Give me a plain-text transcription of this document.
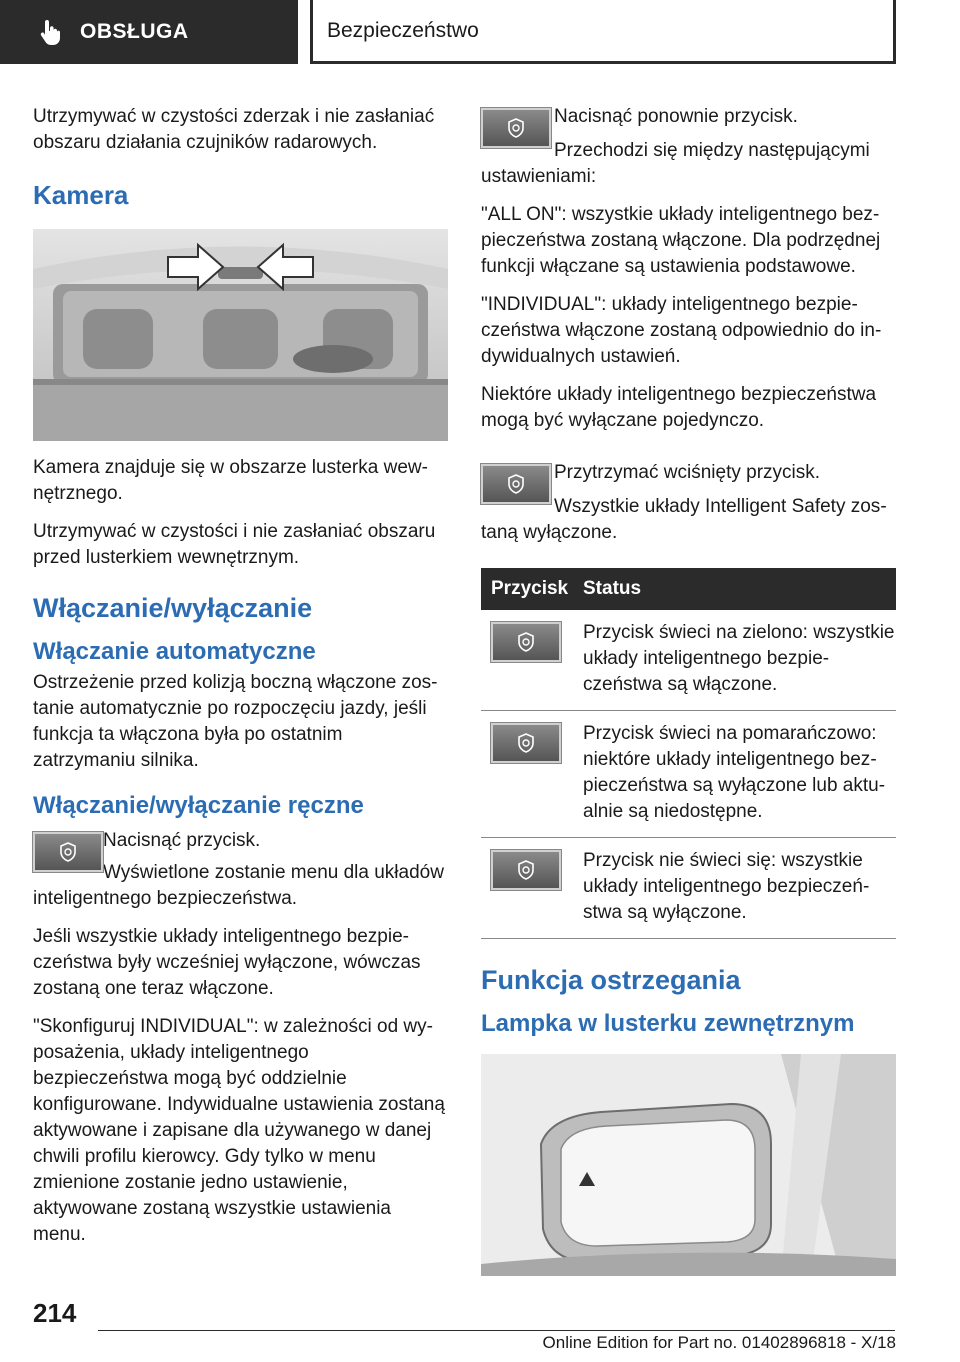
OBSŁUGA	Bezpieczeństwo

Utrzymywać w czystości zderzak i nie zasłaniać obszaru działania czujników radarowych.

Kamera

Kamera znajduje się w obszarze lusterka wewnętrznego.

Utrzymywać w czystości i nie zasłaniać obszaru przed lusterkiem wewnętrznym.

Włączanie/wyłączanie
Włączanie automatyczne

Ostrzeżenie przed kolizją boczną włączone zostanie automatycznie po rozpoczęciu jazdy, jeśli funkcja ta włączona była po ostatnim zatrzymaniu silnika.

Włączanie/wyłączanie ręczne

Nacisnąć przycisk.

Wyświetlone zostanie menu dla układów inteligentnego bezpieczeństwa.

Jeśli wszystkie układy inteligentnego bezpieczeństwa były wcześniej wyłączone, wówczas zostaną one teraz włączone.

"Skonfiguruj INDIVIDUAL": w zależności od wyposażenia, układy inteligentnego bezpieczeństwa mogą być oddzielnie konfigurowane. Indywidualne ustawienia zostaną aktywowane i zapisane dla używanego w danej chwili profilu kierowcy. Gdy tylko w menu zmienione zostanie jedno ustawienie, aktywowane zostaną wszystkie ustawienia menu.

Nacisnąć ponownie przycisk.

Przechodzi się między następującymi ustawieniami:

"ALL ON": wszystkie układy inteligentnego bezpieczeństwa zostaną włączone. Dla podrzędnej funkcji włączane są ustawienia podstawowe.

"INDIVIDUAL": układy inteligentnego bezpieczeństwa włączone zostaną odpowiednio do indywidualnych ustawień.

Niektóre układy inteligentnego bezpieczeństwa mogą być wyłączane pojedynczo.

Przytrzymać wciśnięty przycisk.

Wszystkie układy Intelligent Safety zostaną wyłączone.

Przycisk	Status

	Przycisk świeci na zielono: wszystkie układy inteligentnego bezpieczeństwa są włączone.

	Przycisk świeci na pomarańczowo: niektóre układy inteligentnego bezpieczeństwa są wyłączone lub aktualnie są niedostępne.

	Przycisk nie świeci się: wszystkie układy inteligentnego bezpieczeństwa są wyłączone.
Funkcja ostrzegania
Lampka w lusterku zewnętrznym
214
Online Edition for Part no. 01402896818 - X/18
